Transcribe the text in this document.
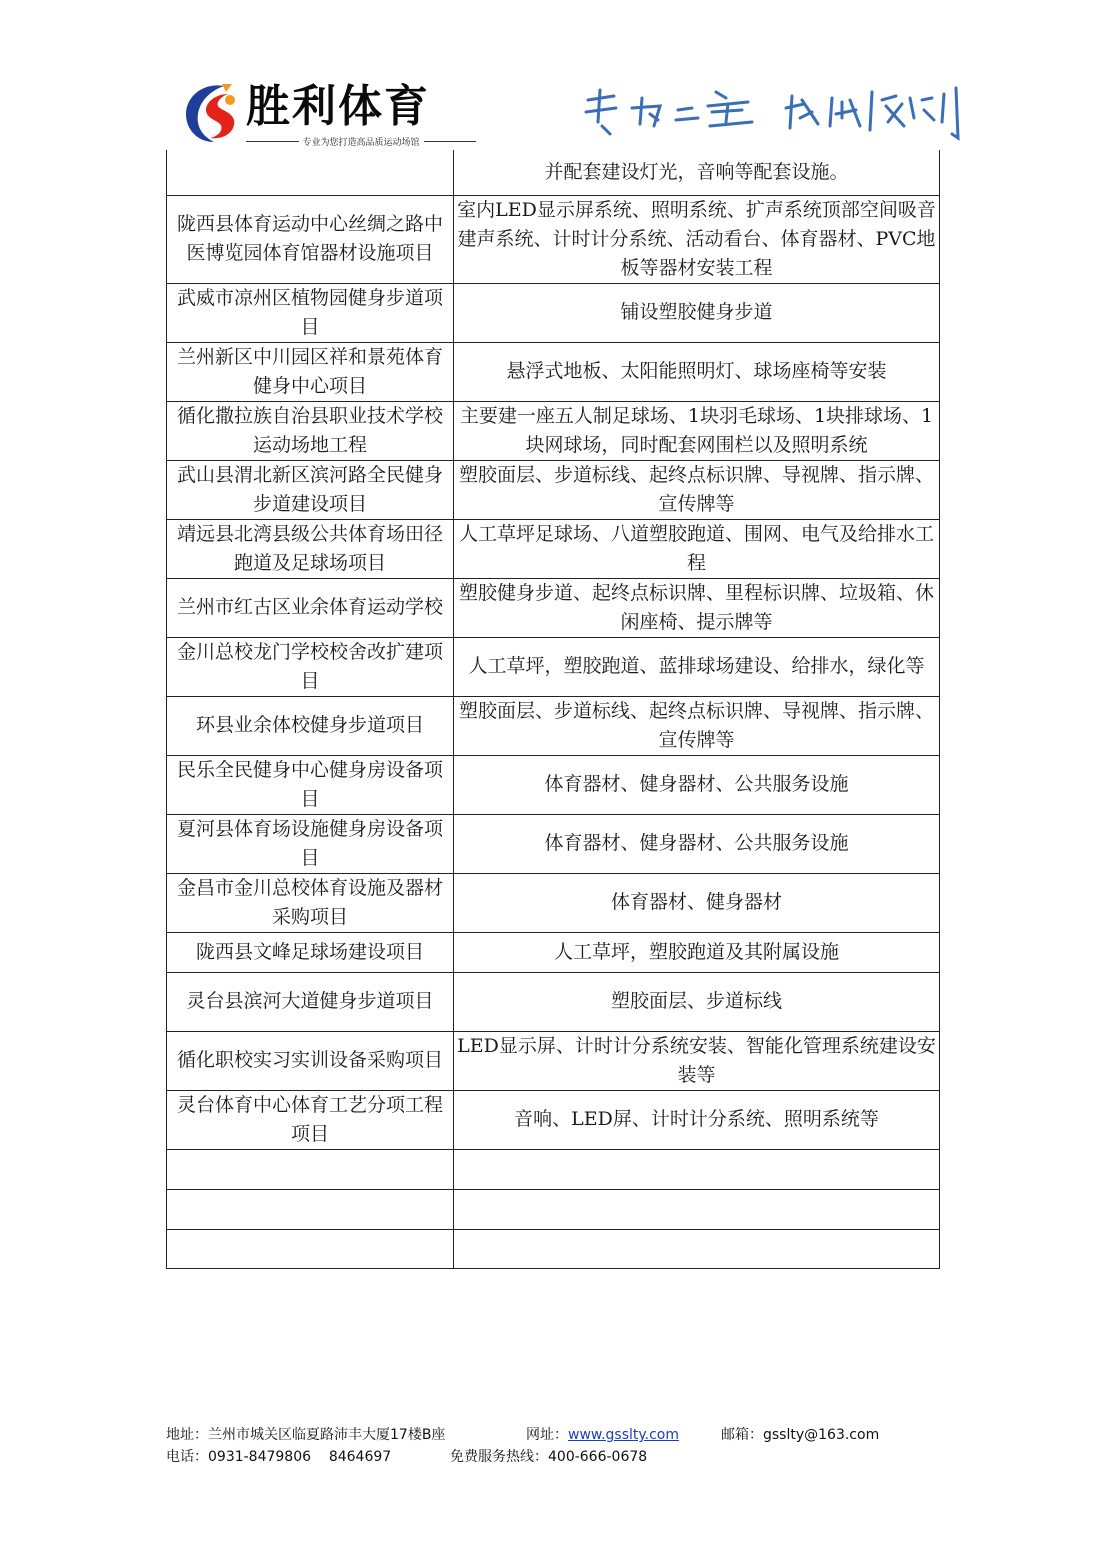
胜利体育
专业为您打造高品质运动场馆
	并配套建设灯光，音响等配套设施。
陇西县体育运动中心丝绸之路中医博览园体育馆器材设施项目	室内LED显示屏系统、照明系统、扩声系统顶部空间吸音建声系统、计时计分系统、活动看台、体育器材、PVC地板等器材安装工程
武威市凉州区植物园健身步道项目	铺设塑胶健身步道
兰州新区中川园区祥和景苑体育健身中心项目	悬浮式地板、太阳能照明灯、球场座椅等安装
循化撒拉族自治县职业技术学校运动场地工程	主要建一座五人制足球场、1块羽毛球场、1块排球场、1块网球场，同时配套网围栏以及照明系统
武山县渭北新区滨河路全民健身步道建设项目	塑胶面层、步道标线、起终点标识牌、导视牌、指示牌、宣传牌等
靖远县北湾县级公共体育场田径跑道及足球场项目	人工草坪足球场、八道塑胶跑道、围网、电气及给排水工程
兰州市红古区业余体育运动学校	塑胶健身步道、起终点标识牌、里程标识牌、垃圾箱、休闲座椅、提示牌等
金川总校龙门学校校舍改扩建项目	人工草坪，塑胶跑道、蓝排球场建设、给排水，绿化等
环县业余体校健身步道项目	塑胶面层、步道标线、起终点标识牌、导视牌、指示牌、宣传牌等
民乐全民健身中心健身房设备项目	体育器材、健身器材、公共服务设施
夏河县体育场设施健身房设备项目	体育器材、健身器材、公共服务设施
金昌市金川总校体育设施及器材采购项目	体育器材、健身器材
陇西县文峰足球场建设项目	人工草坪，塑胶跑道及其附属设施
灵台县滨河大道健身步道项目	塑胶面层、步道标线
循化职校实习实训设备采购项目	LED显示屏、计时计分系统安装、智能化管理系统建设安装等
灵台体育中心体育工艺分项工程项目	音响、LED屏、计时计分系统、照明系统等

地址：兰州市城关区临夏路沛丰大厦17楼B座	网址：www.gsslty.com	邮箱：gsslty@163.com
电话：0931-8479806    8464697	免费服务热线：400-666-0678
